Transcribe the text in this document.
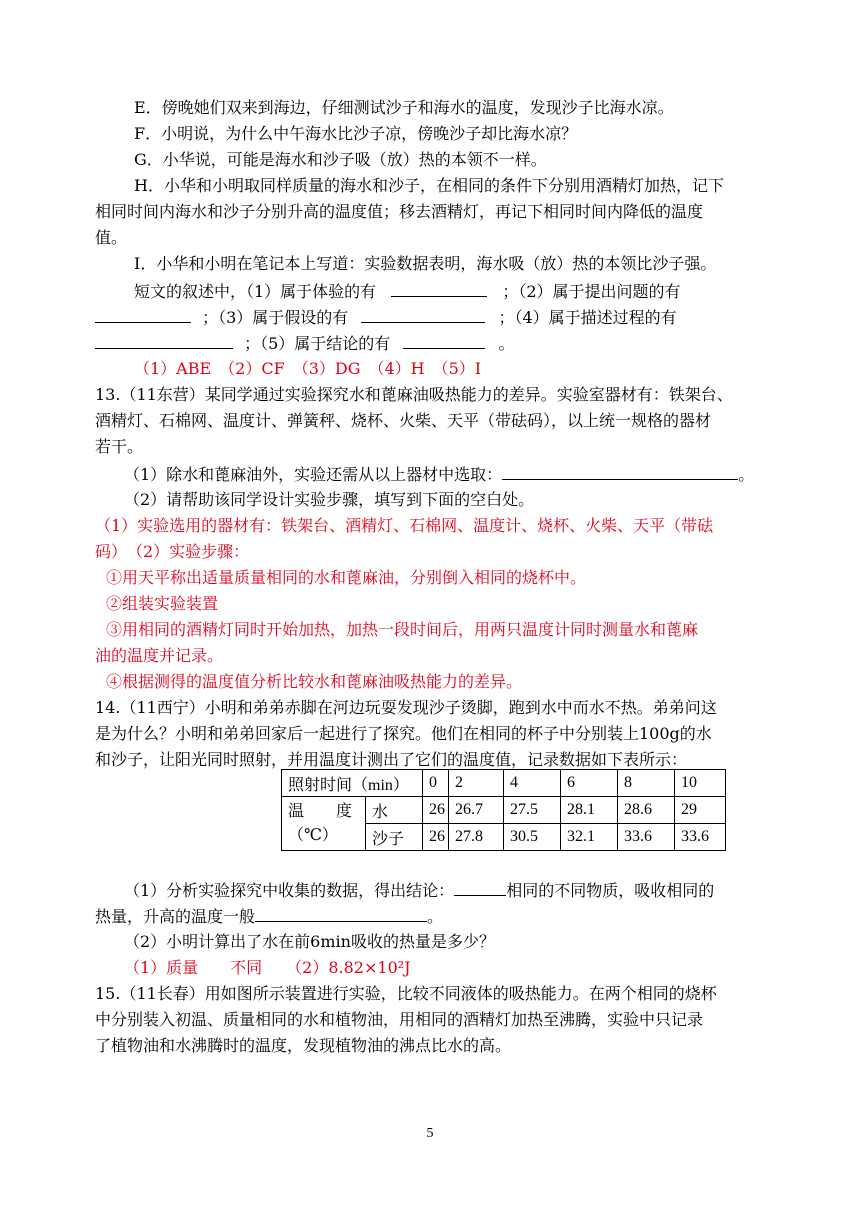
E．傍晚她们双来到海边，仔细测试沙子和海水的温度，发现沙子比海水凉。
F．小明说，为什么中午海水比沙子凉，傍晚沙子却比海水凉？
G．小华说，可能是海水和沙子吸（放）热的本领不一样。
H．小华和小明取同样质量的海水和沙子，在相同的条件下分别用酒精灯加热，记下
相同时间内海水和沙子分别升高的温度值；移去酒精灯，再记下相同时间内降低的温度
值。
I．小华和小明在笔记本上写道：实验数据表明，海水吸（放）热的本领比沙子强。
短文的叙述中，（1）属于体验的有	；（2）属于提出问题的有
；（3）属于假设的有	；（4）属于描述过程的有
；（5）属于结论的有	。
（1）ABE　（2）CF　（3）DG　（4）H　（5）I
13.（11东营）某同学通过实验探究水和蓖麻油吸热能力的差异。实验室器材有：铁架台、
酒精灯、石棉网、温度计、弹簧秤、烧杯、火柴、天平（带砝码），以上统一规格的器材
若干。
（1）除水和蓖麻油外，实验还需从以上器材中选取：	。
（2）请帮助该同学设计实验步骤，填写到下面的空白处。
（1）实验选用的器材有：铁架台、酒精灯、石棉网、温度计、烧杯、火柴、天平（带砝
码）　（2）实验步骤：
①用天平称出适量质量相同的水和蓖麻油，分别倒入相同的烧杯中。
②组装实验装置
③用相同的酒精灯同时开始加热，加热一段时间后，用两只温度计同时测量水和蓖麻
油的温度并记录。
④根据测得的温度值分析比较水和蓖麻油吸热能力的差异。
14.（11西宁）小明和弟弟赤脚在河边玩耍发现沙子烫脚，跑到水中而水不热。弟弟问这
是为什么？小明和弟弟回家后一起进行了探究。他们在相同的杯子中分别装上100g的水
和沙子，让阳光同时照射，并用温度计测出了它们的温度值，记录数据如下表所示：
照射时间（min）		0	2	4	6	8	10

温　　度
（℃）	水	26	26.7	27.5	28.1	28.6	29
	沙子	26	27.8	30.5	32.1	33.6	33.6
（1）分析实验探究中收集的数据，得出结论：	相同的不同物质，吸收相同的
热量，升高的温度一般	。
（2）小明计算出了水在前6min吸收的热量是多少？
（1）质量　　不同　　（2）8.82×10²J
15.（11长春）用如图所示装置进行实验，比较不同液体的吸热能力。在两个相同的烧杯
中分别装入初温、质量相同的水和植物油，用相同的酒精灯加热至沸腾，实验中只记录
了植物油和水沸腾时的温度，发现植物油的沸点比水的高。
5
